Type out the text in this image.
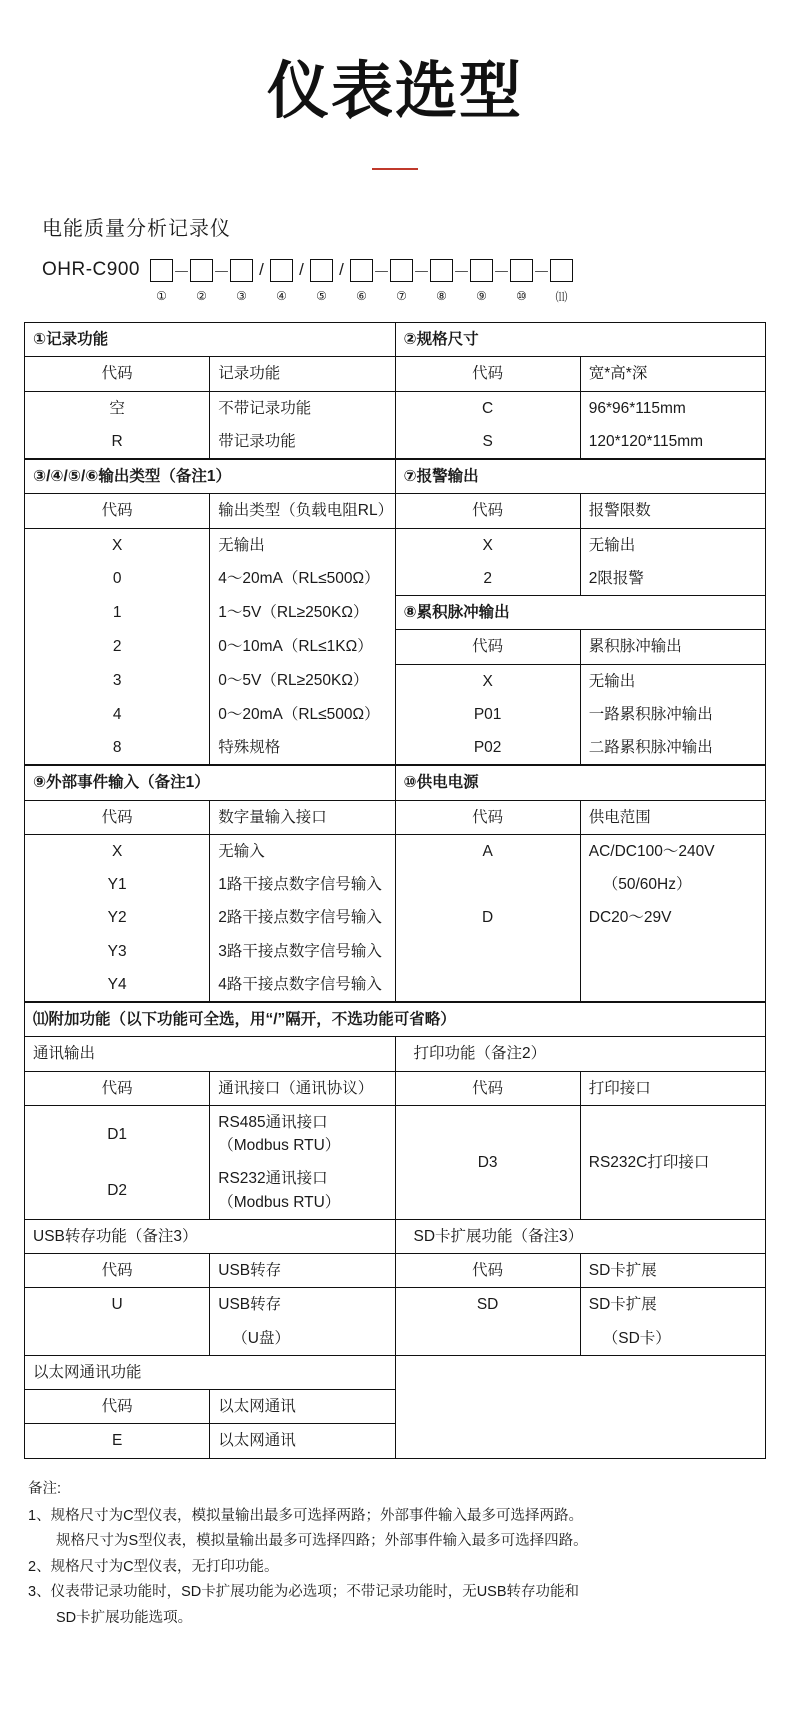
仪表选型
电能质量分析记录仪
OHR-C900 － －	/	/	/	－ － － － －
①	②	③	④	⑤	⑥	⑦	⑧	⑨	⑩	⑾
①记录功能		②规格尺寸	
代码	记录功能	代码	宽*高*深
空	不带记录功能	C	96*96*115mm
R	带记录功能	S	120*120*115mm
③/④/⑤/⑥输出类型（备注1）		⑦报警输出	
代码	输出类型（负载电阻RL）	代码	报警限数
X	无输出	X	无输出
0	4～20mA（RL≤500Ω）	2	2限报警
1	1～5V（RL≥250KΩ）	⑧累积脉冲输出	
2	0～10mA（RL≤1KΩ）	代码	累积脉冲输出
3	0～5V（RL≥250KΩ）	X	无输出
4	0～20mA（RL≤500Ω）	P01	一路累积脉冲输出
8	特殊规格	P02	二路累积脉冲输出
⑨外部事件输入（备注1）		⑩供电电源	
代码	数字量输入接口	代码	供电范围
X	无输入	A	AC/DC100～240V
Y1	1路干接点数字信号输入		（50/60Hz）
Y2	2路干接点数字信号输入	D	DC20～29V
Y3	3路干接点数字信号输入		
Y4	4路干接点数字信号输入		
⑾附加功能（以下功能可全选，用“/”隔开，不选功能可省略）			
通讯输出		打印功能（备注2）	
代码	通讯接口（通讯协议）	代码	打印接口
D1	RS485通讯接口（Modbus RTU）	D3	RS232C打印接口
D2	RS232通讯接口（Modbus RTU）		
USB转存功能（备注3）		SD卡扩展功能（备注3）	
代码	USB转存	代码	SD卡扩展
U	USB转存	SD	SD卡扩展
	（U盘）		（SD卡）
以太网通讯功能			
代码	以太网通讯		
E	以太网通讯		
备注:
1、规格尺寸为C型仪表，模拟量输出最多可选择两路；外部事件输入最多可选择两路。
规格尺寸为S型仪表，模拟量输出最多可选择四路；外部事件输入最多可选择四路。
2、规格尺寸为C型仪表，无打印功能。
3、仪表带记录功能时，SD卡扩展功能为必选项；不带记录功能时，无USB转存功能和
SD卡扩展功能选项。
